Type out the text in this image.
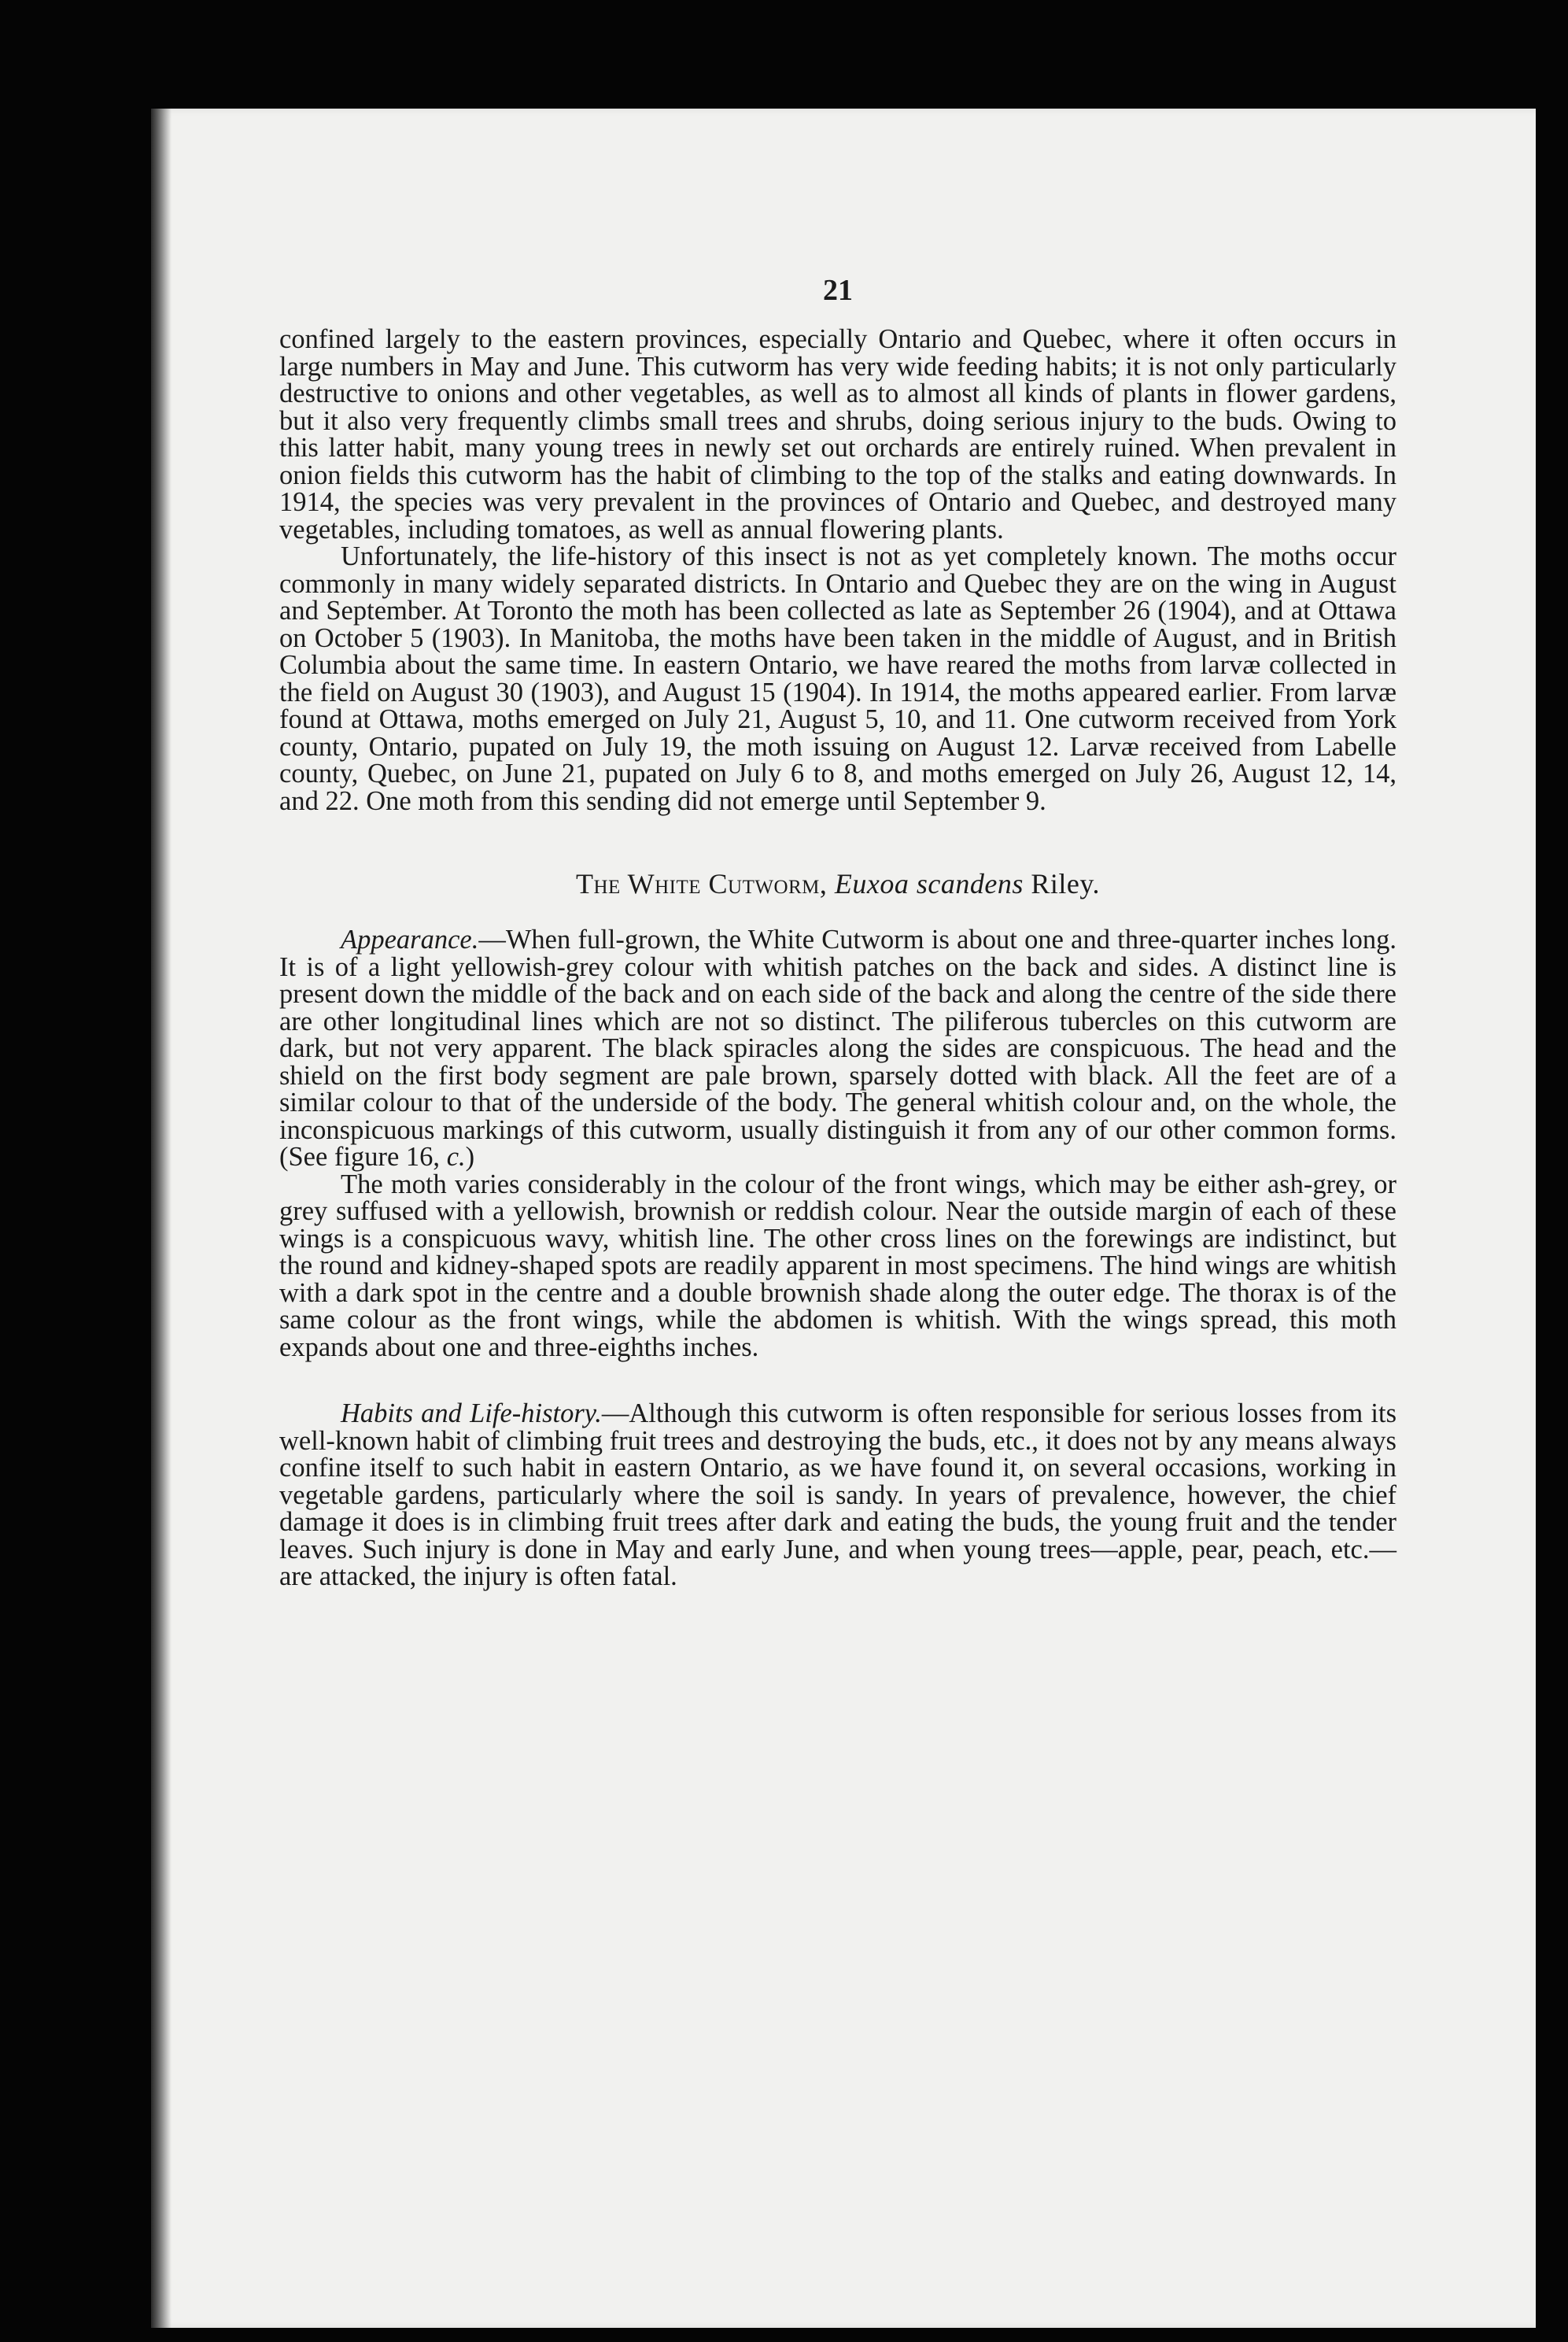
21

confined largely to the eastern provinces, especially Ontario and Quebec, where it often occurs in large numbers in May and June. This cutworm has very wide feeding habits; it is not only particularly destructive to onions and other vegetables, as well as to almost all kinds of plants in flower gardens, but it also very frequently climbs small trees and shrubs, doing serious injury to the buds. Owing to this latter habit, many young trees in newly set out orchards are entirely ruined. When prevalent in onion fields this cutworm has the habit of climbing to the top of the stalks and eating downwards. In 1914, the species was very prevalent in the provinces of Ontario and Quebec, and destroyed many vegetables, including tomatoes, as well as annual flowering plants.

Unfortunately, the life-history of this insect is not as yet completely known. The moths occur commonly in many widely separated districts. In Ontario and Quebec they are on the wing in August and September. At Toronto the moth has been collected as late as September 26 (1904), and at Ottawa on October 5 (1903). In Manitoba, the moths have been taken in the middle of August, and in British Columbia about the same time. In eastern Ontario, we have reared the moths from larvæ collected in the field on August 30 (1903), and August 15 (1904). In 1914, the moths appeared earlier. From larvæ found at Ottawa, moths emerged on July 21, August 5, 10, and 11. One cutworm received from York county, Ontario, pupated on July 19, the moth issuing on August 12. Larvæ received from Labelle county, Quebec, on June 21, pupated on July 6 to 8, and moths emerged on July 26, August 12, 14, and 22. One moth from this sending did not emerge until September 9.

The White Cutworm, Euxoa scandens Riley.

Appearance.—When full-grown, the White Cutworm is about one and three-quarter inches long. It is of a light yellowish-grey colour with whitish patches on the back and sides. A distinct line is present down the middle of the back and on each side of the back and along the centre of the side there are other longitudinal lines which are not so distinct. The piliferous tubercles on this cutworm are dark, but not very apparent. The black spiracles along the sides are conspicuous. The head and the shield on the first body segment are pale brown, sparsely dotted with black. All the feet are of a similar colour to that of the underside of the body. The general whitish colour and, on the whole, the inconspicuous markings of this cutworm, usually distinguish it from any of our other common forms. (See figure 16, c.)

The moth varies considerably in the colour of the front wings, which may be either ash-grey, or grey suffused with a yellowish, brownish or reddish colour. Near the outside margin of each of these wings is a conspicuous wavy, whitish line. The other cross lines on the forewings are indistinct, but the round and kidney-shaped spots are readily apparent in most specimens. The hind wings are whitish with a dark spot in the centre and a double brownish shade along the outer edge. The thorax is of the same colour as the front wings, while the abdomen is whitish. With the wings spread, this moth expands about one and three-eighths inches.

Habits and Life-history.—Although this cutworm is often responsible for serious losses from its well-known habit of climbing fruit trees and destroying the buds, etc., it does not by any means always confine itself to such habit in eastern Ontario, as we have found it, on several occasions, working in vegetable gardens, particularly where the soil is sandy. In years of prevalence, however, the chief damage it does is in climbing fruit trees after dark and eating the buds, the young fruit and the tender leaves. Such injury is done in May and early June, and when young trees—apple, pear, peach, etc.—are attacked, the injury is often fatal.
